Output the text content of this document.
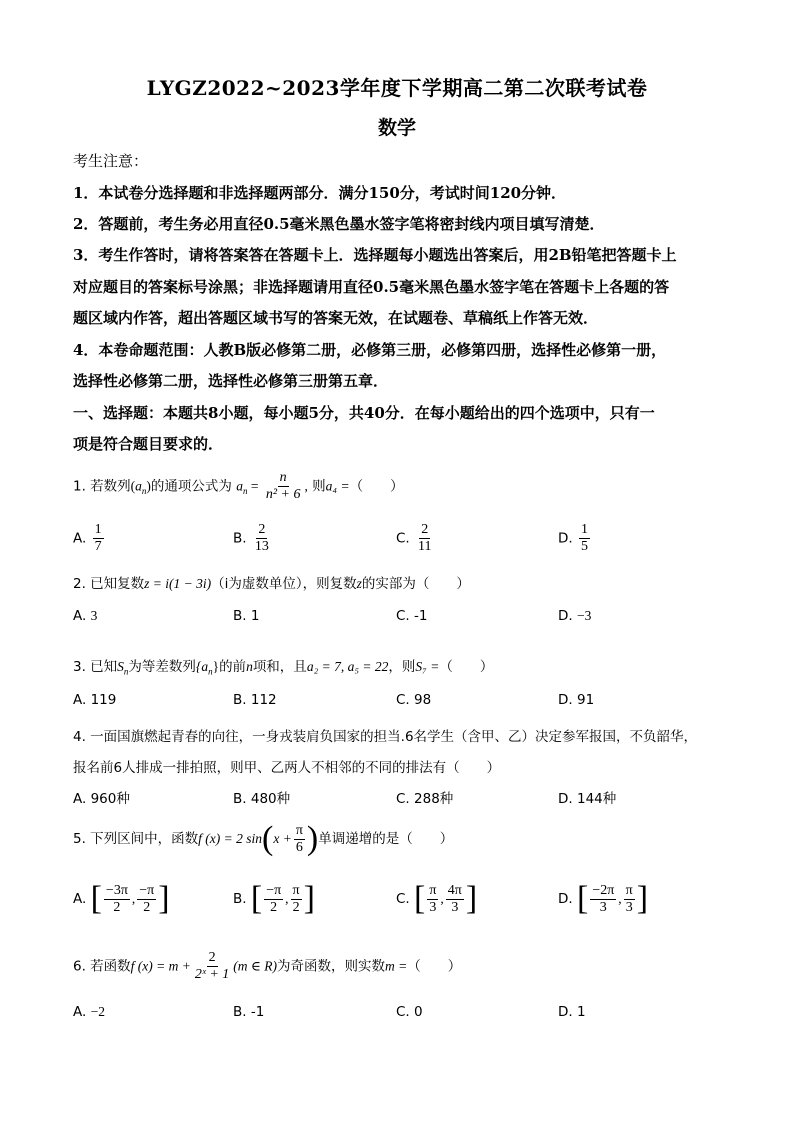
LYGZ2022~2023学年度下学期高二第二次联考试卷
数学
考生注意：
1．本试卷分选择题和非选择题两部分．满分150分，考试时间120分钟．
2．答题前，考生务必用直径0.5毫米黑色墨水签字笔将密封线内项目填写清楚．
3．考生作答时，请将答案答在答题卡上．选择题每小题选出答案后，用2B铅笔把答题卡上
对应题目的答案标号涂黑；非选择题请用直径0.5毫米黑色墨水签字笔在答题卡上各题的答
题区域内作答，超出答题区域书写的答案无效，在试题卷、草稿纸上作答无效．
4．本卷命题范围：人教B版必修第二册，必修第三册，必修第四册，选择性必修第一册，
选择性必修第二册，选择性必修第三册第五章．
一、选择题：本题共8小题，每小题5分，共40分．在每小题给出的四个选项中，只有一
项是符合题目要求的．
1. 若数列$(a_n)$的通项公式为 $a_n = \frac{n}{\text{n² + 6}}$ , 则a₄ =（　　）
A. $\frac{1}{7}$	B. $\frac{2}{13}$	C. $\frac{2}{11}$	D. $\frac{1}{5}$
2. 已知复数z = i(1 − 3i)（i为虚数单位），则复数z的实部为（　　）
A. 3	B. 1	C. -1	D. −3
3. 已知$S_n$为等差数列$\{a_n\}$的前n项和，且a₂ = 7, a₅ = 22，则S₇ =（　　）
A. 119	B. 112	C. 98	D. 91
4. 一面国旗燃起青春的向往，一身戎装肩负国家的担当.6名学生（含甲、乙）决定参军报国，不负韶华，
报名前6人排成一排拍照，则甲、乙两人不相邻的不同的排法有（　　）
A. 960种	B. 480种	C. 288种	D. 144种
5. 下列区间中，函数f (x) = 2 $\sin(x + \frac{\pi}{6}$ )单调递增的是（　　）
A. [ $\frac{-3\pi}{2}$ , $\frac{-\pi}{2}$ ]	B. [ $\frac{-\pi}{2}$ , $\frac{\pi}{2}$ ]	C. [ $\frac{\pi}{3}$ , $\frac{4\pi}{3}$ ]	D. [ $\frac{-2\pi}{3}$ , $\frac{\pi}{3}$ ]
6. 若函数f $(x) = m + \frac{2}{\text{2ˣ + 1}} (m$ ∈ R)为奇函数，则实数m =（　　）
A. −2	B. -1	C. 0	D. 1
